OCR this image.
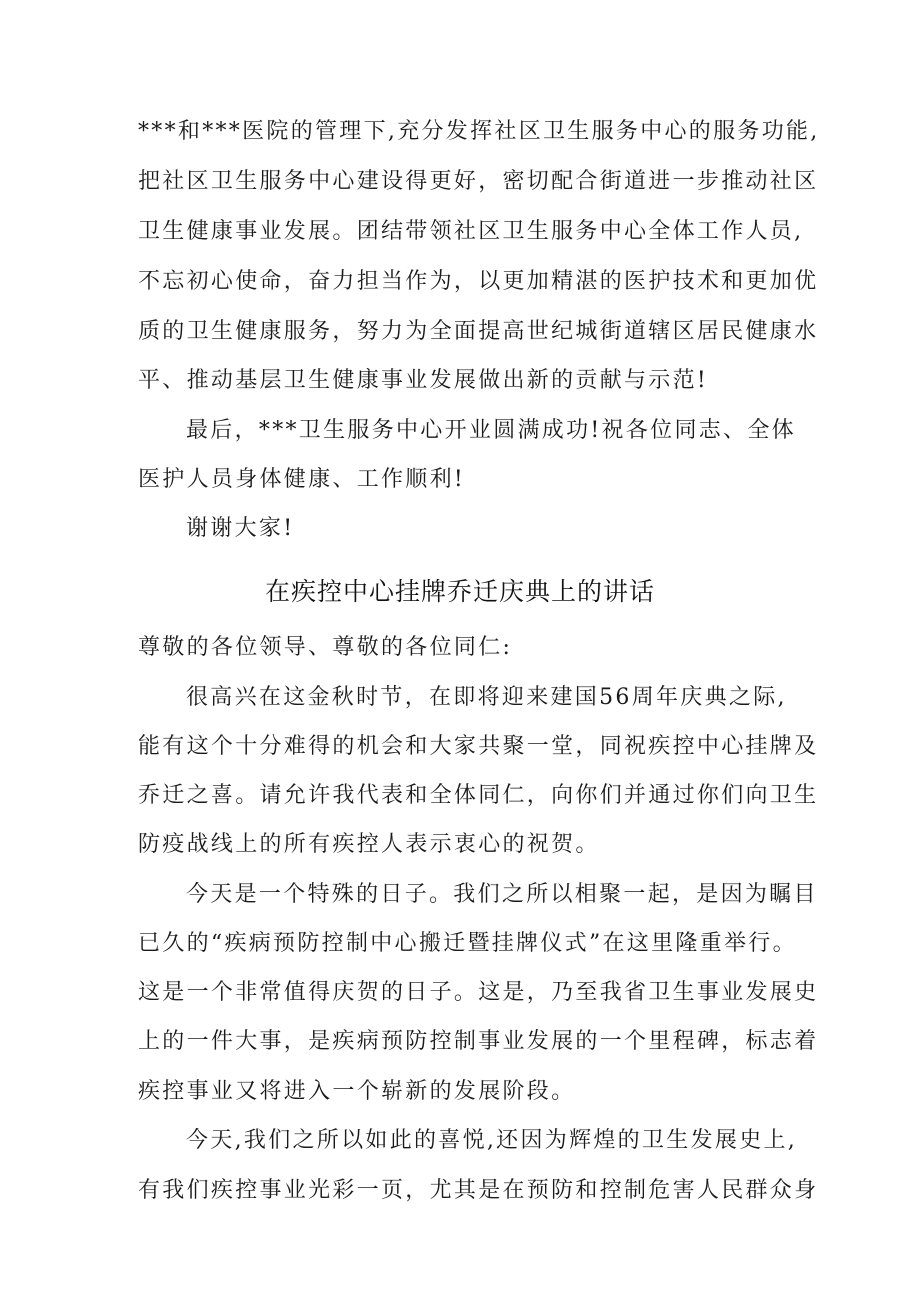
***和***医院的管理下,充分发挥社区卫生服务中心的服务功能,

把社区卫生服务中心建设得更好，密切配合街道进一步推动社区

卫生健康事业发展。团结带领社区卫生服务中心全体工作人员,

不忘初心使命，奋力担当作为，以更加精湛的医护技术和更加优

质的卫生健康服务，努力为全面提高世纪城街道辖区居民健康水

平、推动基层卫生健康事业发展做出新的贡献与示范!

最后，***卫生服务中心开业圆满成功!祝各位同志、全体

医护人员身体健康、工作顺利!

谢谢大家!

在疾控中心挂牌乔迁庆典上的讲话

尊敬的各位领导、尊敬的各位同仁:

很高兴在这金秋时节，在即将迎来建国56周年庆典之际,

能有这个十分难得的机会和大家共聚一堂，同祝疾控中心挂牌及

乔迁之喜。请允许我代表和全体同仁，向你们并通过你们向卫生

防疫战线上的所有疾控人表示衷心的祝贺。

今天是一个特殊的日子。我们之所以相聚一起，是因为瞩目

已久的“疾病预防控制中心搬迁暨挂牌仪式”在这里隆重举行。

这是一个非常值得庆贺的日子。这是，乃至我省卫生事业发展史

上的一件大事，是疾病预防控制事业发展的一个里程碑，标志着

疾控事业又将进入一个崭新的发展阶段。

今天,我们之所以如此的喜悦,还因为辉煌的卫生发展史上,

有我们疾控事业光彩一页，尤其是在预防和控制危害人民群众身
